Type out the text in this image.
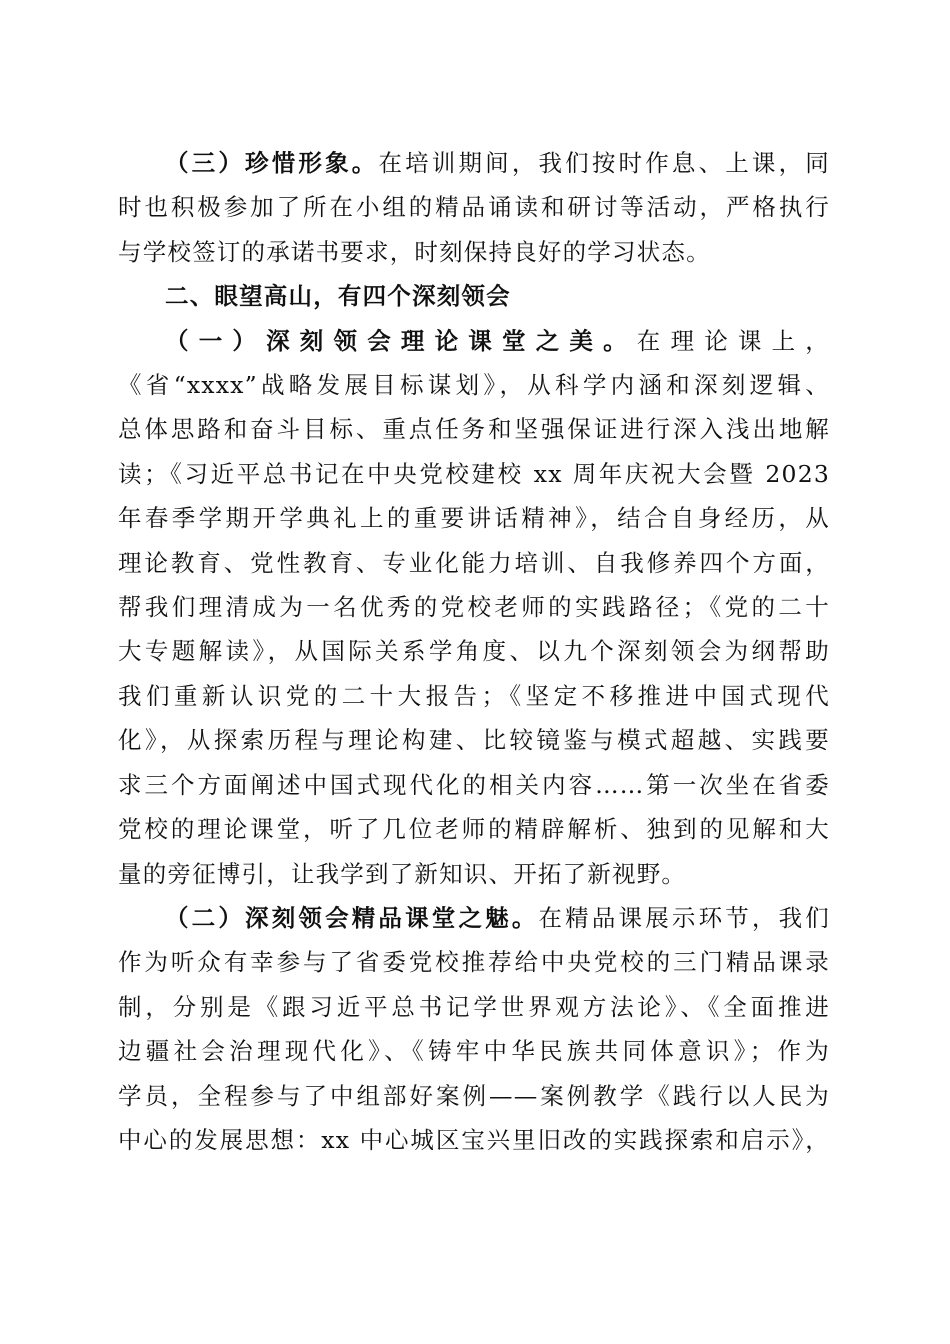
（三）珍惜形象。在培训期间，我们按时作息、上课，同
时也积极参加了所在小组的精品诵读和研讨等活动，严格执行
与学校签订的承诺书要求，时刻保持良好的学习状态。
二、眼望高山，有四个深刻领会
（一）深刻领会理论课堂之美。在理论课上，
《省“xxxx”战略发展目标谋划》，从科学内涵和深刻逻辑、
总体思路和奋斗目标、重点任务和坚强保证进行深入浅出地解
读；《习近平总书记在中央党校建校 xx 周年庆祝大会暨 2023
年春季学期开学典礼上的重要讲话精神》，结合自身经历，从
理论教育、党性教育、专业化能力培训、自我修养四个方面，
帮我们理清成为一名优秀的党校老师的实践路径；《党的二十
大专题解读》，从国际关系学角度、以九个深刻领会为纲帮助
我们重新认识党的二十大报告；《坚定不移推进中国式现代
化》，从探索历程与理论构建、比较镜鉴与模式超越、实践要
求三个方面阐述中国式现代化的相关内容……第一次坐在省委
党校的理论课堂，听了几位老师的精辟解析、独到的见解和大
量的旁征博引，让我学到了新知识、开拓了新视野。
（二）深刻领会精品课堂之魅。在精品课展示环节，我们
作为听众有幸参与了省委党校推荐给中央党校的三门精品课录
制，分别是《跟习近平总书记学世界观方法论》、《全面推进
边疆社会治理现代化》、《铸牢中华民族共同体意识》；作为
学员，全程参与了中组部好案例——案例教学《践行以人民为
中心的发展思想：xx 中心城区宝兴里旧改的实践探索和启示》，
